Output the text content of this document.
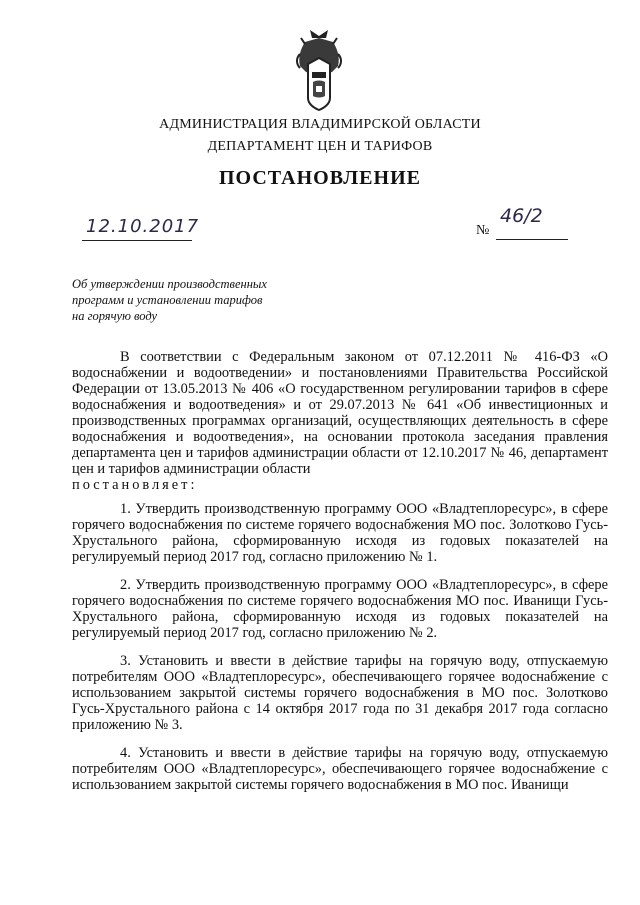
АДМИНИСТРАЦИЯ ВЛАДИМИРСКОЙ ОБЛАСТИ
ДЕПАРТАМЕНТ ЦЕН И ТАРИФОВ
ПОСТАНОВЛЕНИЕ
12.10.2017	№
46/2
Об утверждении производственных
программ и установлении тарифов
на горячую воду

В соответствии с Федеральным законом от 07.12.2011 № 416-ФЗ «О водоснабжении и водоотведении» и постановлениями Правительства Российской Федерации от 13.05.2013 № 406 «О государственном регулировании тарифов в сфере водоснабжения и водоотведения» и от 29.07.2013 № 641 «Об инвестиционных и производственных программах организаций, осуществляющих деятельность в сфере водоснабжения и водоотведения», на основании протокола заседания правления департамента цен и тарифов администрации области от 12.10.2017 № 46, департамент цен и тарифов администрации области

постановляет:

1. Утвердить производственную программу ООО «Владтеплоресурс», в сфере горячего водоснабжения по системе горячего водоснабжения МО пос. Золотково Гусь-Хрустального района, сформированную исходя из годовых показателей на регулируемый период 2017 год, согласно приложению № 1.

2. Утвердить производственную программу ООО «Владтеплоресурс», в сфере горячего водоснабжения по системе горячего водоснабжения МО пос. Иванищи Гусь-Хрустального района, сформированную исходя из годовых показателей на регулируемый период 2017 год, согласно приложению № 2.

3. Установить и ввести в действие тарифы на горячую воду, отпускаемую потребителям ООО «Владтеплоресурс», обеспечивающего горячее водоснабжение с использованием закрытой системы горячего водоснабжения в МО пос. Золотково Гусь-Хрустального района с 14 октября 2017 года по 31 декабря 2017 года согласно приложению № 3.

4. Установить и ввести в действие тарифы на горячую воду, отпускаемую потребителям ООО «Владтеплоресурс», обеспечивающего горячее водоснабжение с использованием закрытой системы горячего водоснабжения в МО пос. Иванищи
